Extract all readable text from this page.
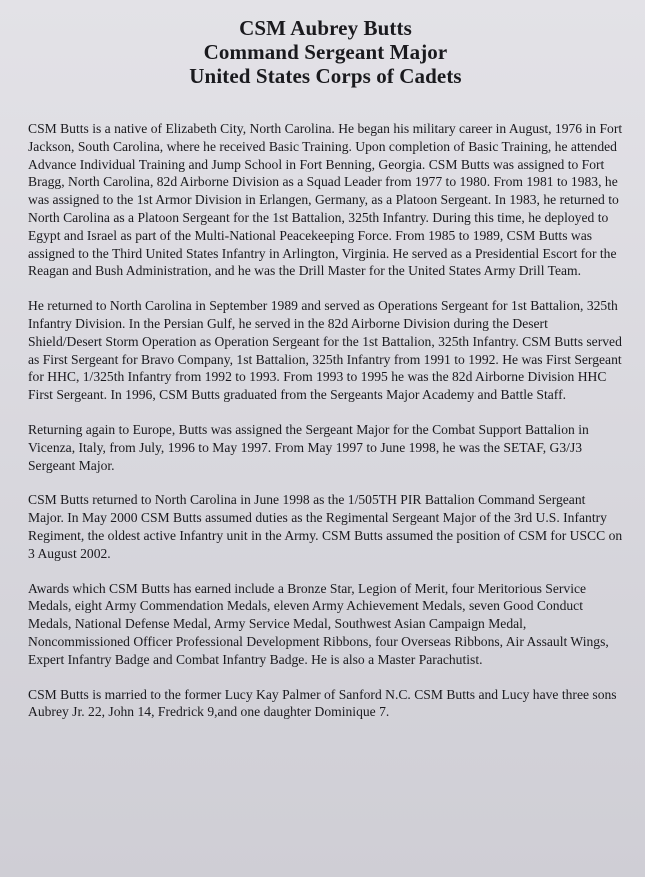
CSM Aubrey Butts
Command Sergeant Major
United States Corps of Cadets

CSM Butts is a native of Elizabeth City, North Carolina. He began his military career in August, 1976 in Fort Jackson, South Carolina, where he received Basic Training. Upon completion of Basic Training, he attended Advance Individual Training and Jump School in Fort Benning, Georgia. CSM Butts was assigned to Fort Bragg, North Carolina, 82d Airborne Division as a Squad Leader from 1977 to 1980. From 1981 to 1983, he was assigned to the 1st Armor Division in Erlangen, Germany, as a Platoon Sergeant. In 1983, he returned to North Carolina as a Platoon Sergeant for the 1st Battalion, 325th Infantry. During this time, he deployed to Egypt and Israel as part of the Multi-National Peacekeeping Force. From 1985 to 1989, CSM Butts was assigned to the Third United States Infantry in Arlington, Virginia. He served as a Presidential Escort for the Reagan and Bush Administration, and he was the Drill Master for the United States Army Drill Team.

He returned to North Carolina in September 1989 and served as Operations Sergeant for 1st Battalion, 325th Infantry Division. In the Persian Gulf, he served in the 82d Airborne Division during the Desert Shield/Desert Storm Operation as Operation Sergeant for the 1st Battalion, 325th Infantry. CSM Butts served as First Sergeant for Bravo Company, 1st Battalion, 325th Infantry from 1991 to 1992. He was First Sergeant for HHC, 1/325th Infantry from 1992 to 1993. From 1993 to 1995 he was the 82d Airborne Division HHC First Sergeant. In 1996, CSM Butts graduated from the Sergeants Major Academy and Battle Staff.

Returning again to Europe, Butts was assigned the Sergeant Major for the Combat Support Battalion in Vicenza, Italy, from July, 1996 to May 1997. From May 1997 to June 1998, he was the SETAF, G3/J3 Sergeant Major.

CSM Butts returned to North Carolina in June 1998 as the 1/505TH PIR Battalion Command Sergeant Major. In May 2000 CSM Butts assumed duties as the Regimental Sergeant Major of the 3rd U.S. Infantry Regiment, the oldest active Infantry unit in the Army. CSM Butts assumed the position of CSM for USCC on 3 August 2002.

Awards which CSM Butts has earned include a Bronze Star, Legion of Merit, four Meritorious Service Medals, eight Army Commendation Medals, eleven Army Achievement Medals, seven Good Conduct Medals, National Defense Medal, Army Service Medal, Southwest Asian Campaign Medal, Noncommissioned Officer Professional Development Ribbons, four Overseas Ribbons, Air Assault Wings, Expert Infantry Badge and Combat Infantry Badge. He is also a Master Parachutist.

CSM Butts is married to the former Lucy Kay Palmer of Sanford N.C. CSM Butts and Lucy have three sons Aubrey Jr. 22, John 14, Fredrick 9,and one daughter Dominique 7.
